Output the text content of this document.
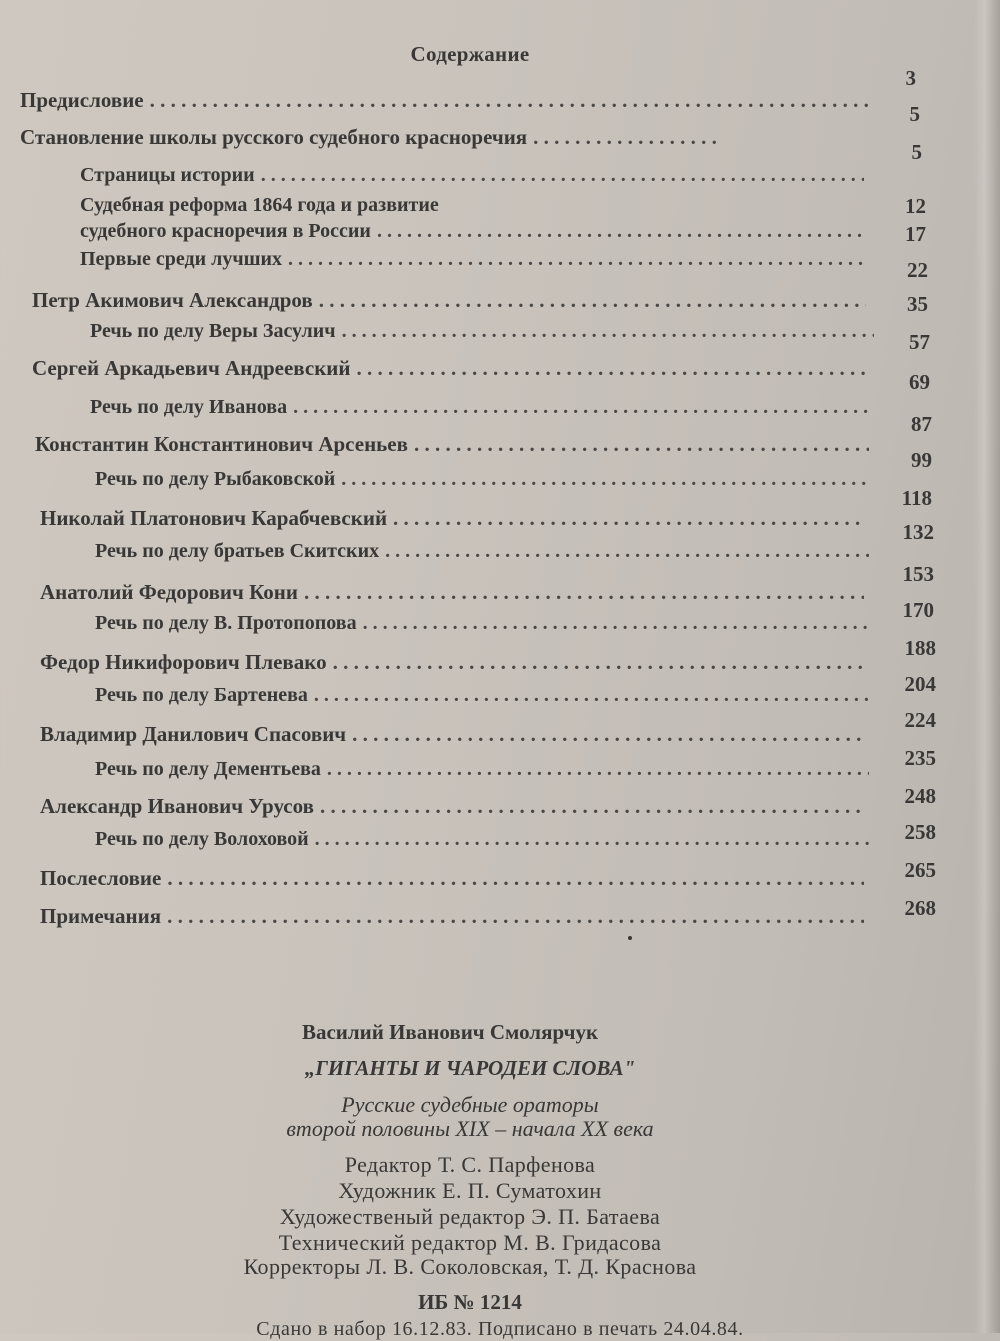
Содержание
Предисловие
. . .
Становление школы русского судебного красноречия
. . .
Страницы истории
. . .
Судебная реформа 1864 года и развитие
судебного красноречия в России
. . .
Первые среди лучших
. . .
Петр Акимович Александров
. . .
Речь по делу Веры Засулич
. . .
Сергей Аркадьевич Андреевский
. . .
Речь по делу Иванова
. . .
Константин Константинович Арсеньев
. . .
Речь по делу Рыбаковской
. . .
Николай Платонович Карабчевский
. . .
Речь по делу братьев Скитских
. . .
Анатолий Федорович Кони
. . .
Речь по делу В. Протопопова
. . .
Федор Никифорович Плевако
. . .
Речь по делу Бартенева
. . .
Владимир Данилович Спасович
. . .
Речь по делу Дементьева
. . .
Александр Иванович Урусов
. . .
Речь по делу Волоховой
. . .
Послесловие
. . .
Примечания
. . .
3
5
5
12
17
22
35
57
69
87
99
118
132
153
170
188
204
224
235
248
258
265
268
Василий Иванович Смолярчук
„ГИГАНТЫ И ЧАРОДЕИ СЛОВА"
Русские судебные ораторы
второй половины XIX – начала XX века
Редактор Т. С. Парфенова
Художник Е. П. Суматохин
Художественый редактор Э. П. Батаева
Технический редактор М. В. Гридасова
Корректоры Л. В. Соколовская, Т. Д. Краснова
ИБ № 1214
Сдано в набор 16.12.83. Подписано в печать 24.04.84.
